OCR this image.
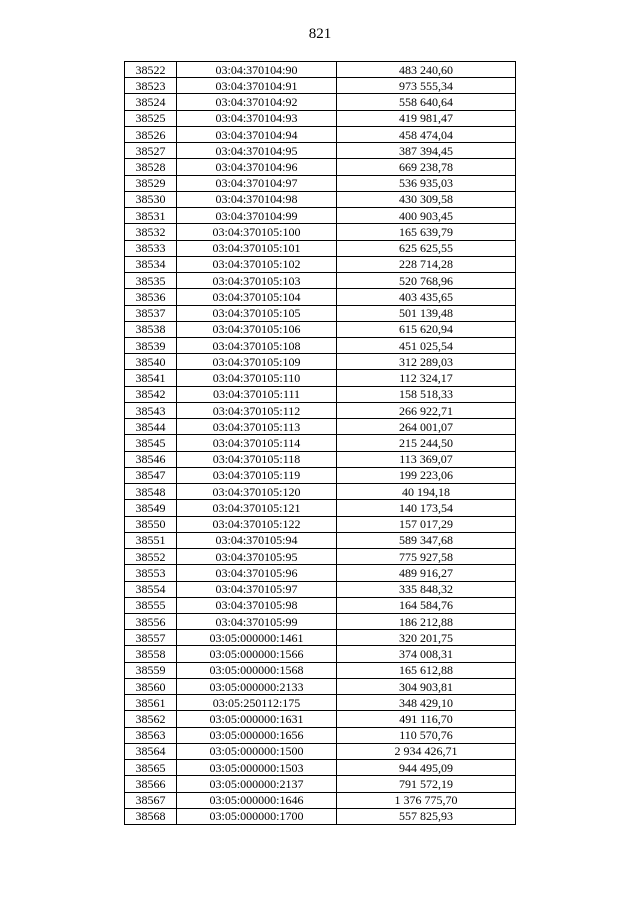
821
38522	03:04:370104:90	483 240,60
38523	03:04:370104:91	973 555,34
38524	03:04:370104:92	558 640,64
38525	03:04:370104:93	419 981,47
38526	03:04:370104:94	458 474,04
38527	03:04:370104:95	387 394,45
38528	03:04:370104:96	669 238,78
38529	03:04:370104:97	536 935,03
38530	03:04:370104:98	430 309,58
38531	03:04:370104:99	400 903,45
38532	03:04:370105:100	165 639,79
38533	03:04:370105:101	625 625,55
38534	03:04:370105:102	228 714,28
38535	03:04:370105:103	520 768,96
38536	03:04:370105:104	403 435,65
38537	03:04:370105:105	501 139,48
38538	03:04:370105:106	615 620,94
38539	03:04:370105:108	451 025,54
38540	03:04:370105:109	312 289,03
38541	03:04:370105:110	112 324,17
38542	03:04:370105:111	158 518,33
38543	03:04:370105:112	266 922,71
38544	03:04:370105:113	264 001,07
38545	03:04:370105:114	215 244,50
38546	03:04:370105:118	113 369,07
38547	03:04:370105:119	199 223,06
38548	03:04:370105:120	40 194,18
38549	03:04:370105:121	140 173,54
38550	03:04:370105:122	157 017,29
38551	03:04:370105:94	589 347,68
38552	03:04:370105:95	775 927,58
38553	03:04:370105:96	489 916,27
38554	03:04:370105:97	335 848,32
38555	03:04:370105:98	164 584,76
38556	03:04:370105:99	186 212,88
38557	03:05:000000:1461	320 201,75
38558	03:05:000000:1566	374 008,31
38559	03:05:000000:1568	165 612,88
38560	03:05:000000:2133	304 903,81
38561	03:05:250112:175	348 429,10
38562	03:05:000000:1631	491 116,70
38563	03:05:000000:1656	110 570,76
38564	03:05:000000:1500	2 934 426,71
38565	03:05:000000:1503	944 495,09
38566	03:05:000000:2137	791 572,19
38567	03:05:000000:1646	1 376 775,70
38568	03:05:000000:1700	557 825,93
